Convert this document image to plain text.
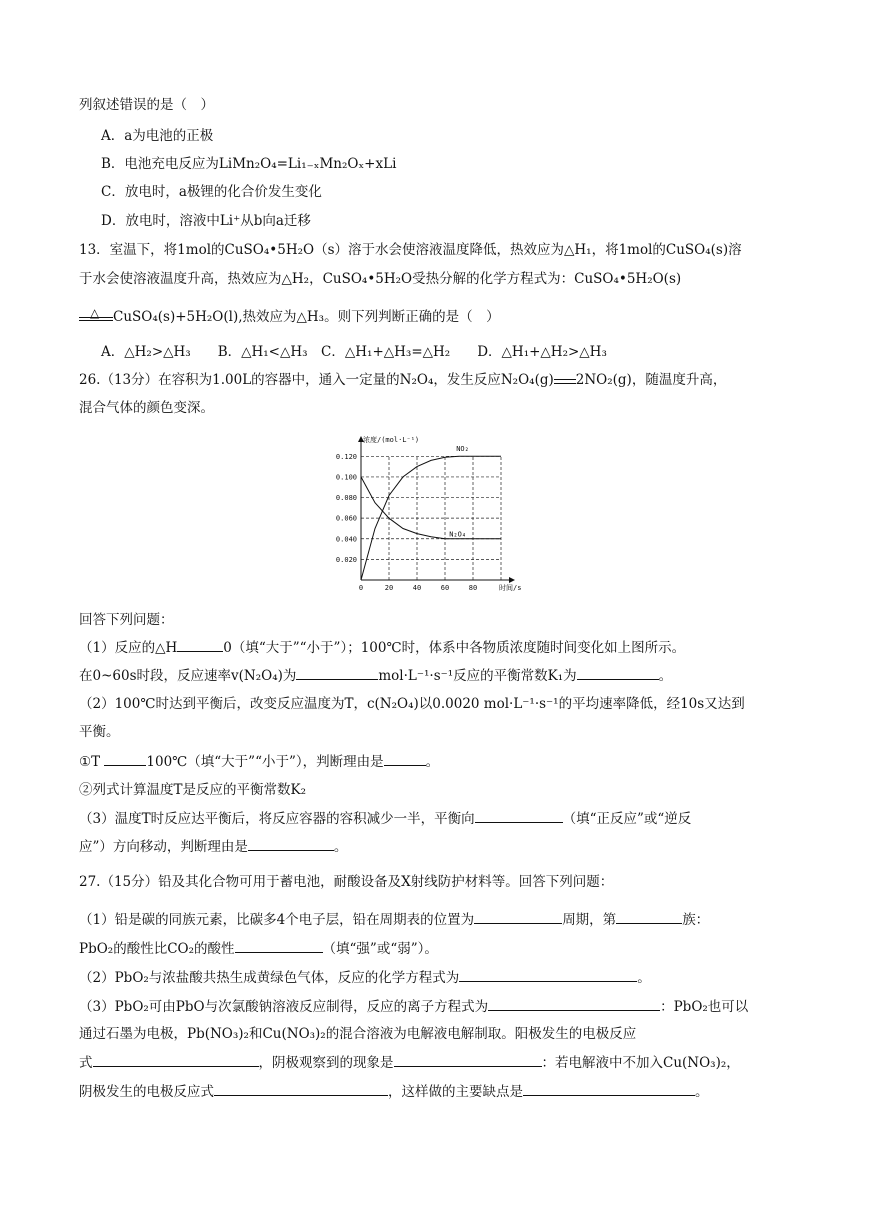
列叙述错误的是（　）
A．a为电池的正极
B．电池充电反应为LiMn₂O₄=Li₁₋ₓMn₂Oₓ+xLi
C．放电时，a极锂的化合价发生变化
D．放电时，溶液中Li⁺从b向a迁移
13．室温下，将1mol的CuSO₄•5H₂O（s）溶于水会使溶液温度降低，热效应为△H₁，将1mol的CuSO₄(s)溶
于水会使溶液温度升高，热效应为△H₂，CuSO₄•5H₂O受热分解的化学方程式为：CuSO₄•5H₂O(s)
△ CuSO₄(s)+5H₂O(l),热效应为△H₃。则下列判断正确的是（　）
A．△H₂>△H₃　　B．△H₁<△H₃　C．△H₁+△H₃=△H₂　　D．△H₁+△H₂>△H₃
26.（13分）在容积为1.00L的容器中，通入一定量的N₂O₄，发生反应N₂O₄(g) 2NO₂(g)，随温度升高，
混合气体的颜色变深。
0.020
0.040
0.060
0.080
0.100
0.120
0	20	40	60	80
浓度/(mol·L⁻¹)
时间/s
NO₂
N₂O₄
回答下列问题：
（1）反应的△H	0（填“大于”“小于”）；100℃时，体系中各物质浓度随时间变化如上图所示。
在0~60s时段，反应速率v(N₂O₄)为	mol·L⁻¹·s⁻¹反应的平衡常数K₁为	。
（2）100℃时达到平衡后，改变反应温度为T，c(N₂O₄)以0.0020 mol·L⁻¹·s⁻¹的平均速率降低，经10s又达到
平衡。
①T	100℃（填“大于”“小于”），判断理由是	。
②列式计算温度T是反应的平衡常数K₂
（3）温度T时反应达平衡后，将反应容器的容积减少一半，平衡向	（填“正反应”或“逆反
应”）方向移动，判断理由是	。
27.（15分）铅及其化合物可用于蓄电池，耐酸设备及X射线防护材料等。回答下列问题：
（1）铅是碳的同族元素，比碳多4个电子层，铅在周期表的位置为	周期，第	族：
PbO₂的酸性比CO₂的酸性	（填“强”或“弱”）。
（2）PbO₂与浓盐酸共热生成黄绿色气体，反应的化学方程式为	。
（3）PbO₂可由PbO与次氯酸钠溶液反应制得，反应的离子方程式为	：PbO₂也可以
通过石墨为电极，Pb(NO₃)₂和Cu(NO₃)₂的混合溶液为电解液电解制取。阳极发生的电极反应
式	，阴极观察到的现象是	：若电解液中不加入Cu(NO₃)₂，
阴极发生的电极反应式	，这样做的主要缺点是	。
